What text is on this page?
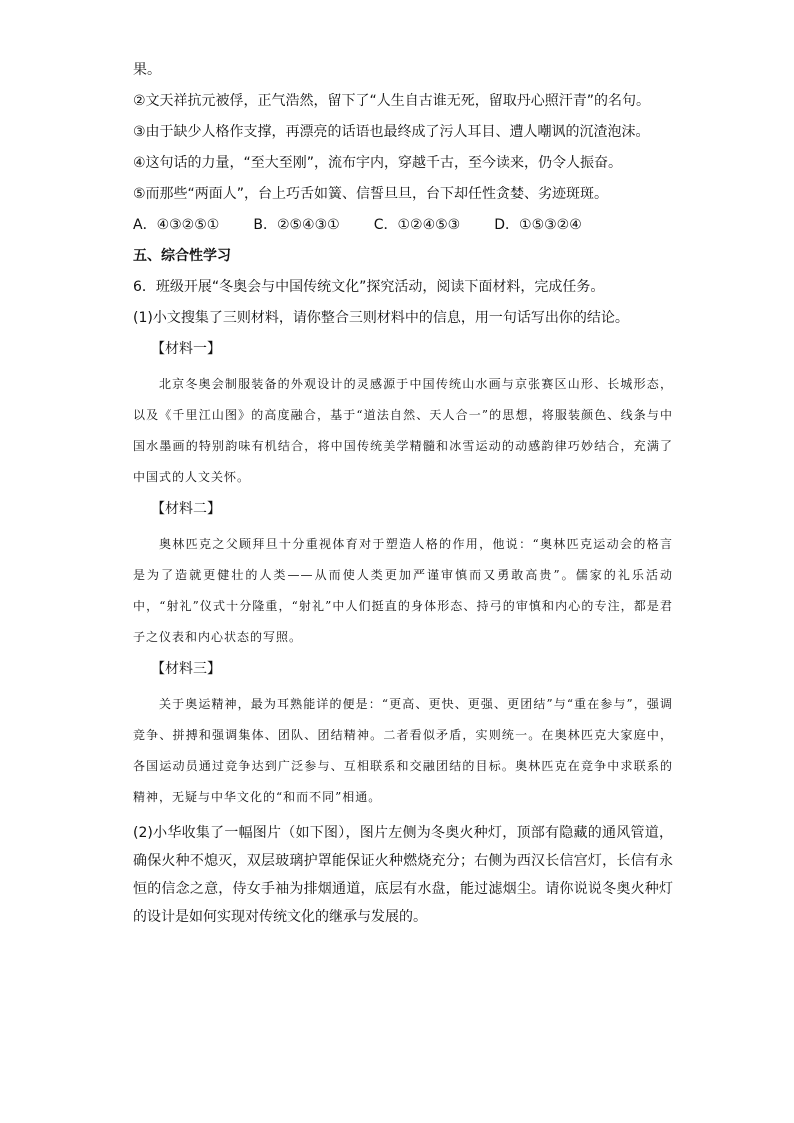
果。
②文天祥抗元被俘，正气浩然，留下了“人生自古谁无死，留取丹心照汗青”的名句。
③由于缺少人格作支撑，再漂亮的话语也最终成了污人耳目、遭人嘲讽的沉渣泡沫。
④这句话的力量，“至大至刚”，流布宇内，穿越千古，至今读来，仍令人振奋。
⑤而那些“两面人”，台上巧舌如簧、信誓旦旦，台下却任性贪婪、劣迹斑斑。
A．④③②⑤① B．②⑤④③① C．①②④⑤③ D．①⑤③②④
五、综合性学习
6．班级开展“冬奥会与中国传统文化”探究活动，阅读下面材料，完成任务。
(1)小文搜集了三则材料，请你整合三则材料中的信息，用一句话写出你的结论。
【材料一】
北京冬奥会制服装备的外观设计的灵感源于中国传统山水画与京张赛区山形、长城形态，以及《千里江山图》的高度融合，基于“道法自然、天人合一”的思想，将服装颜色、线条与中国水墨画的特别韵味有机结合，将中国传统美学精髓和冰雪运动的动感韵律巧妙结合，充满了中国式的人文关怀。
【材料二】
奥林匹克之父顾拜旦十分重视体育对于塑造人格的作用，他说：“奥林匹克运动会的格言是为了造就更健壮的人类——从而使人类更加严谨审慎而又勇敢高贵”。儒家的礼乐活动中，“射礼”仪式十分隆重，“射礼”中人们挺直的身体形态、持弓的审慎和内心的专注，都是君子之仪表和内心状态的写照。
【材料三】
关于奥运精神，最为耳熟能详的便是：“更高、更快、更强、更团结”与“重在参与”，强调竞争、拼搏和强调集体、团队、团结精神。二者看似矛盾，实则统一。在奥林匹克大家庭中，各国运动员通过竞争达到广泛参与、互相联系和交融团结的目标。奥林匹克在竞争中求联系的精神，无疑与中华文化的“和而不同”相通。
(2)小华收集了一幅图片（如下图），图片左侧为冬奥火种灯，顶部有隐藏的通风管道，确保火种不熄灭，双层玻璃护罩能保证火种燃烧充分；右侧为西汉长信宫灯，长信有永恒的信念之意，侍女手袖为排烟通道，底层有水盘，能过滤烟尘。请你说说冬奥火种灯的设计是如何实现对传统文化的继承与发展的。
